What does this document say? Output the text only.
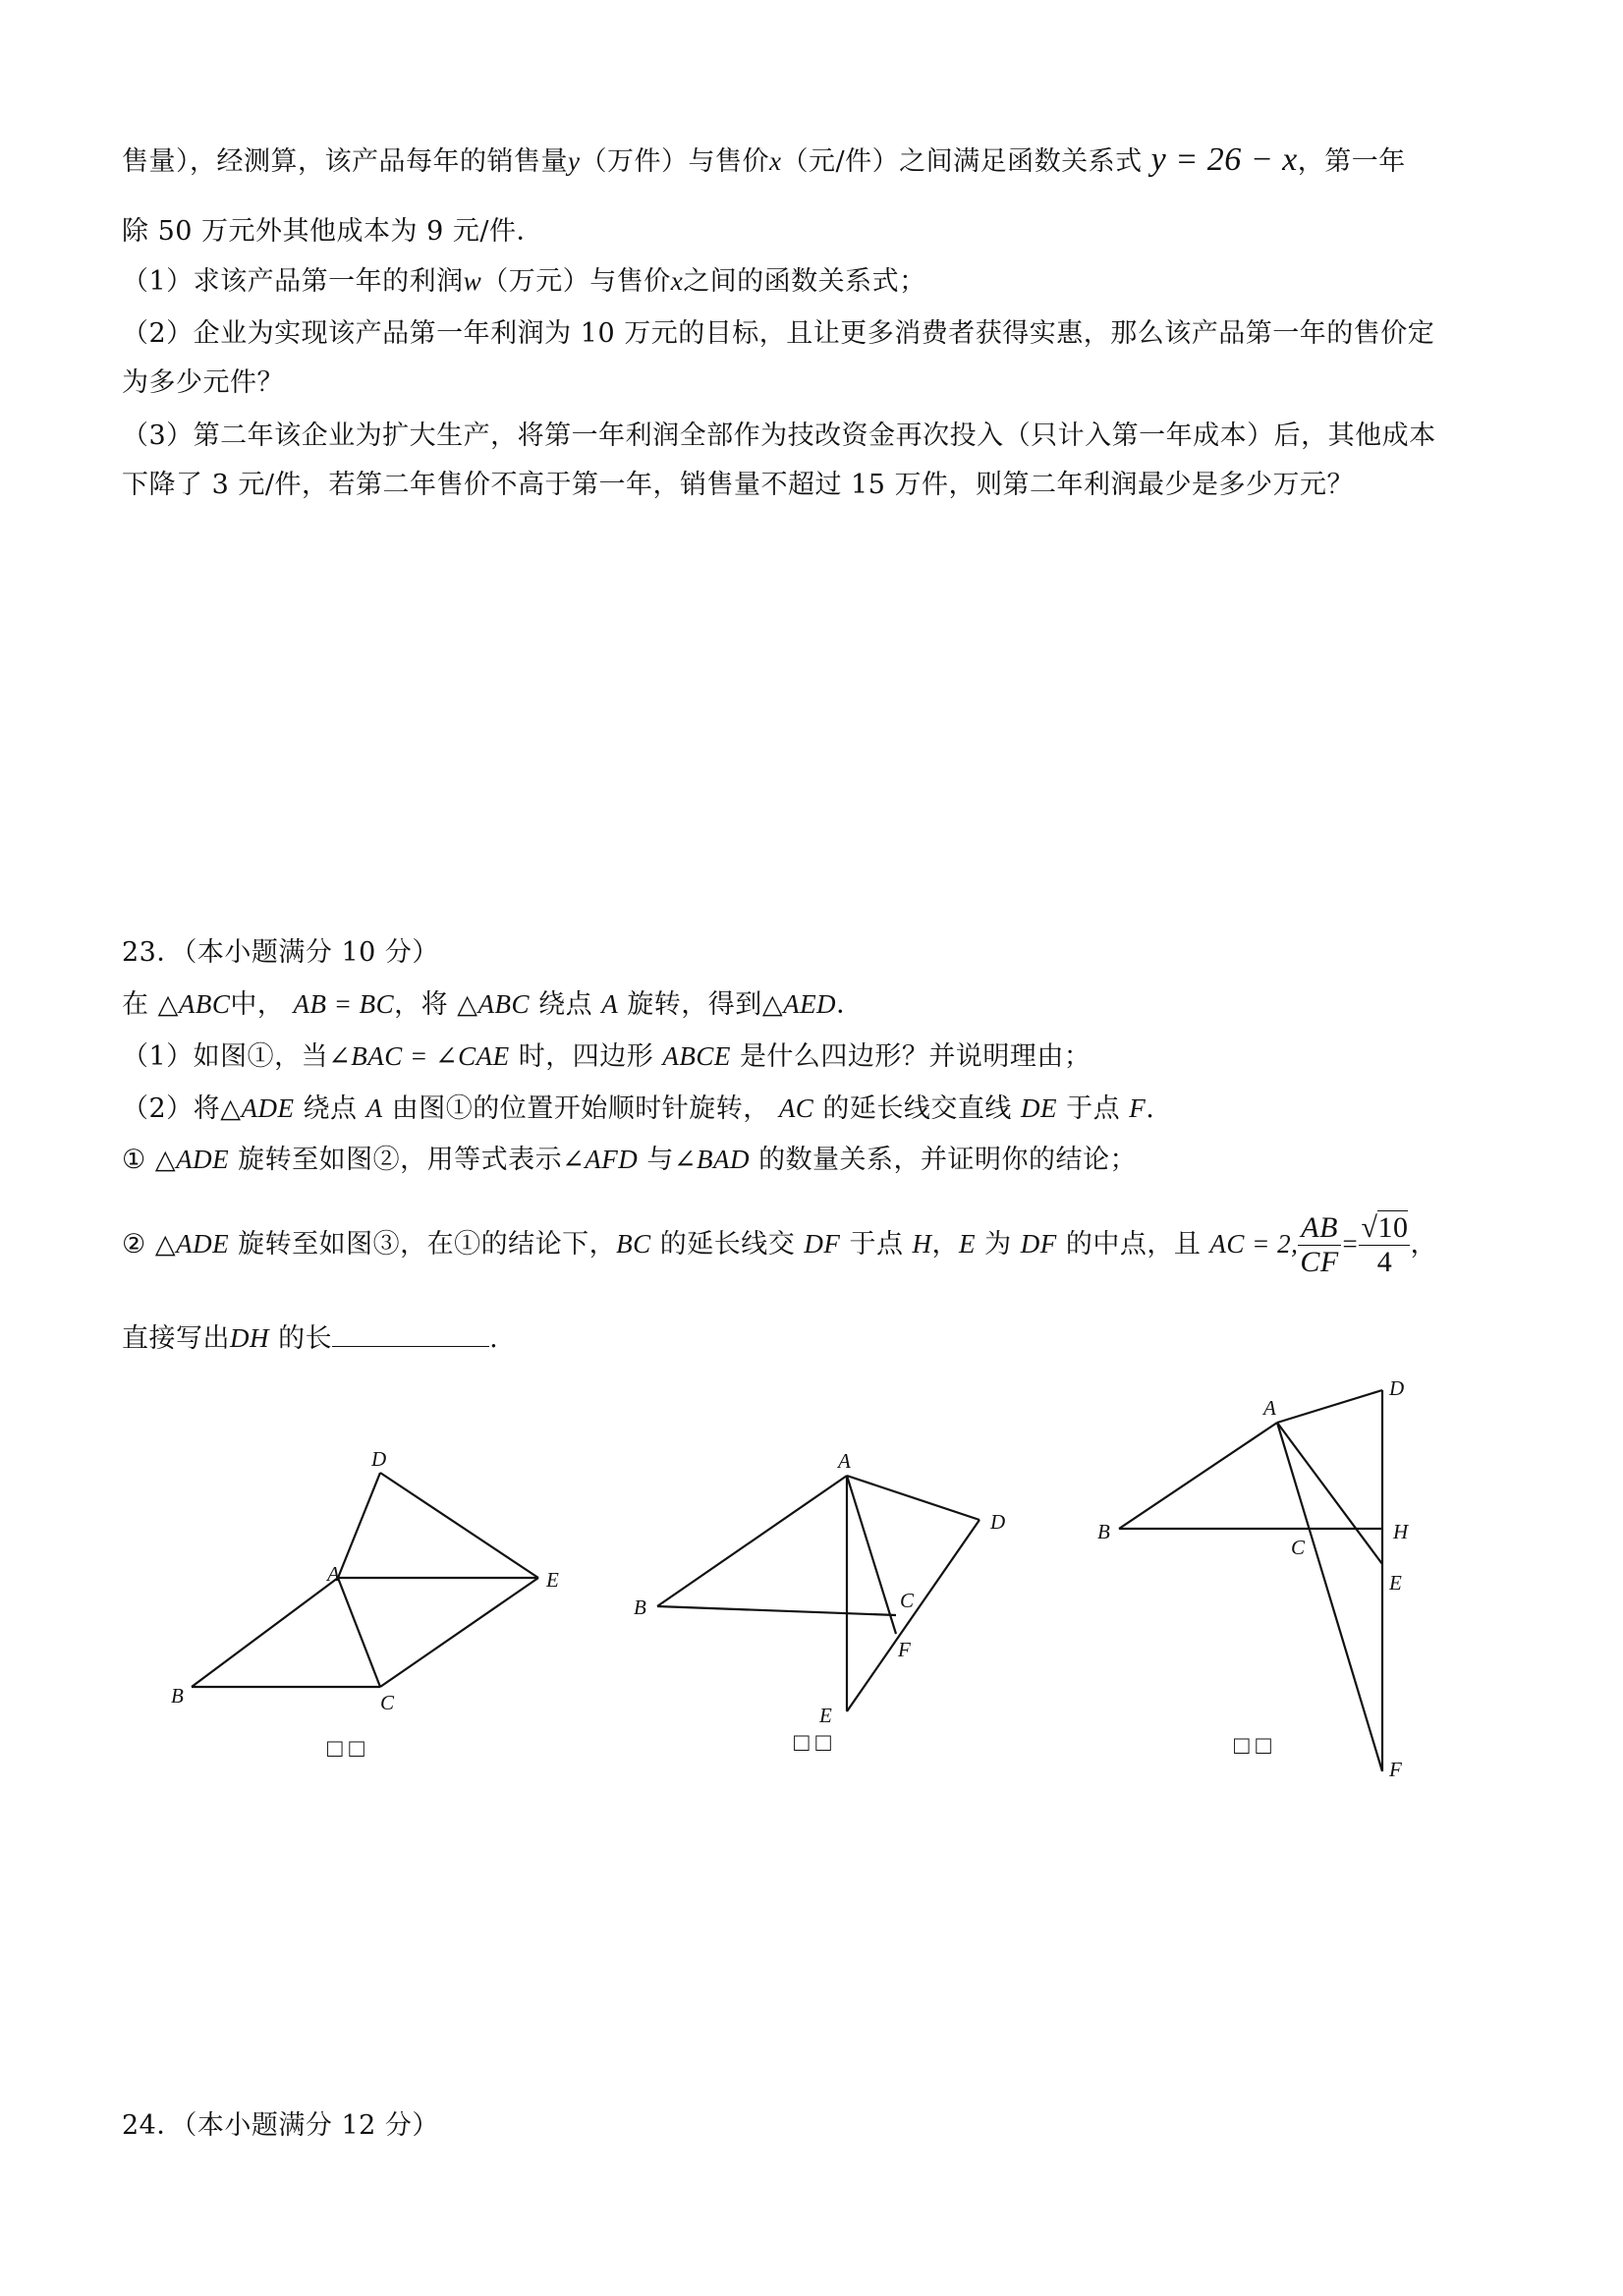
售量），经测算，该产品每年的销售量y（万件）与售价x（元/件）之间满足函数关系式 y = 26 − x，第一年
除 50 万元外其他成本为 9 元/件．
（1）求该产品第一年的利润w（万元）与售价x之间的函数关系式；
（2）企业为实现该产品第一年利润为 10 万元的目标，且让更多消费者获得实惠，那么该产品第一年的售价定
为多少元件？
（3）第二年该企业为扩大生产，将第一年利润全部作为技改资金再次投入（只计入第一年成本）后，其他成本
下降了 3 元/件，若第二年售价不高于第一年，销售量不超过 15 万件，则第二年利润最少是多少万元？
23．（本小题满分 10 分）
在 △ABC中， AB = BC，将 △ABC 绕点 A 旋转，得到△AED．
（1）如图①，当∠BAC = ∠CAE 时，四边形 ABCE 是什么四边形？并说明理由；
（2）将△ADE 绕点 A 由图①的位置开始顺时针旋转， AC 的延长线交直线 DE 于点 F.
① △ADE 旋转至如图②，用等式表示∠AFD 与∠BAD 的数量关系，并证明你的结论；
② △ADE 旋转至如图③，在①的结论下，BC 的延长线交 DF 于点 H，E 为 DF 的中点，且 AC = 2, $\frac{AB}{CF} = \frac{√10}{4}$ ，
直接写出DH 的长	.
D
A	E
B	C
□ □
A
D
B	C
F
E
□ □
A
D
B
C
H
E
F
□ □
24．（本小题满分 12 分）
